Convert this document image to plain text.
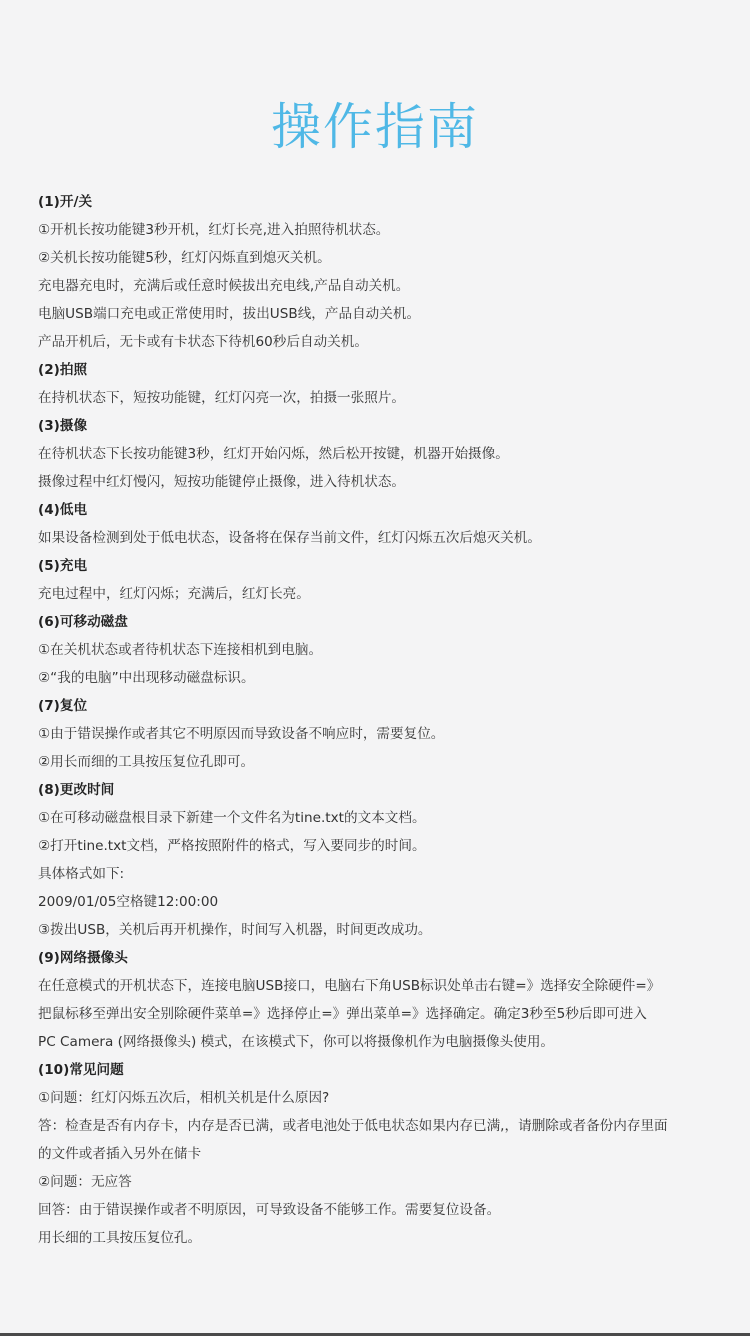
操作指南
(1)开/关
①开机长按功能键3秒开机，红灯长亮,进入拍照待机状态。
②关机长按功能键5秒，红灯闪烁直到熄灭关机。
充电器充电时，充满后或任意时候拔出充电线,产品自动关机。
电脑USB端口充电或正常使用时，拔出USB线，产品自动关机。
产品开机后，无卡或有卡状态下待机60秒后自动关机。
(2)拍照
在持机状态下，短按功能键，红灯闪亮一次，拍摄一张照片。
(3)摄像
在待机状态下长按功能键3秒，红灯开始闪烁，然后松开按键，机器开始摄像。
摄像过程中红灯慢闪，短按功能键停止摄像，进入待机状态。
(4)低电
如果设备检测到处于低电状态，设备将在保存当前文件，红灯闪烁五次后熄灭关机。
(5)充电
充电过程中，红灯闪烁；充满后，红灯长亮。
(6)可移动磁盘
①在关机状态或者待机状态下连接相机到电脑。
②“我的电脑”中出现移动磁盘标识。
(7)复位
①由于错误操作或者其它不明原因而导致设备不响应时，需要复位。
②用长而细的工具按压复位孔即可。
(8)更改时间
①在可移动磁盘根目录下新建一个文件名为tine.txt的文本文档。
②打开tine.txt文档，严格按照附件的格式，写入要同步的时间。
具体格式如下:
2009/01/05空格键12:00:00
③拨出USB，关机后再开机操作，时间写入机器，时间更改成功。
(9)网络摄像头
在任意模式的开机状态下，连接电脑USB接口，电脑右下角USB标识处单击右键=》选择安全除硬件=》
把鼠标移至弹出安全别除硬件菜单=》选择停止=》弹出菜单=》选择确定。确定3秒至5秒后即可进入
PC Camera (网络摄像头) 模式，在该模式下，你可以将摄像机作为电脑摄像头使用。
(10)常见问题
①问题：红灯闪烁五次后，相机关机是什么原因?
答：检查是否有内存卡，内存是否已满，或者电池处于低电状态如果内存已满,，请删除或者备份内存里面
的文件或者插入另外在储卡
②问题：无应答
回答：由于错误操作或者不明原因，可导致设备不能够工作。需要复位设备。
用长细的工具按压复位孔。
